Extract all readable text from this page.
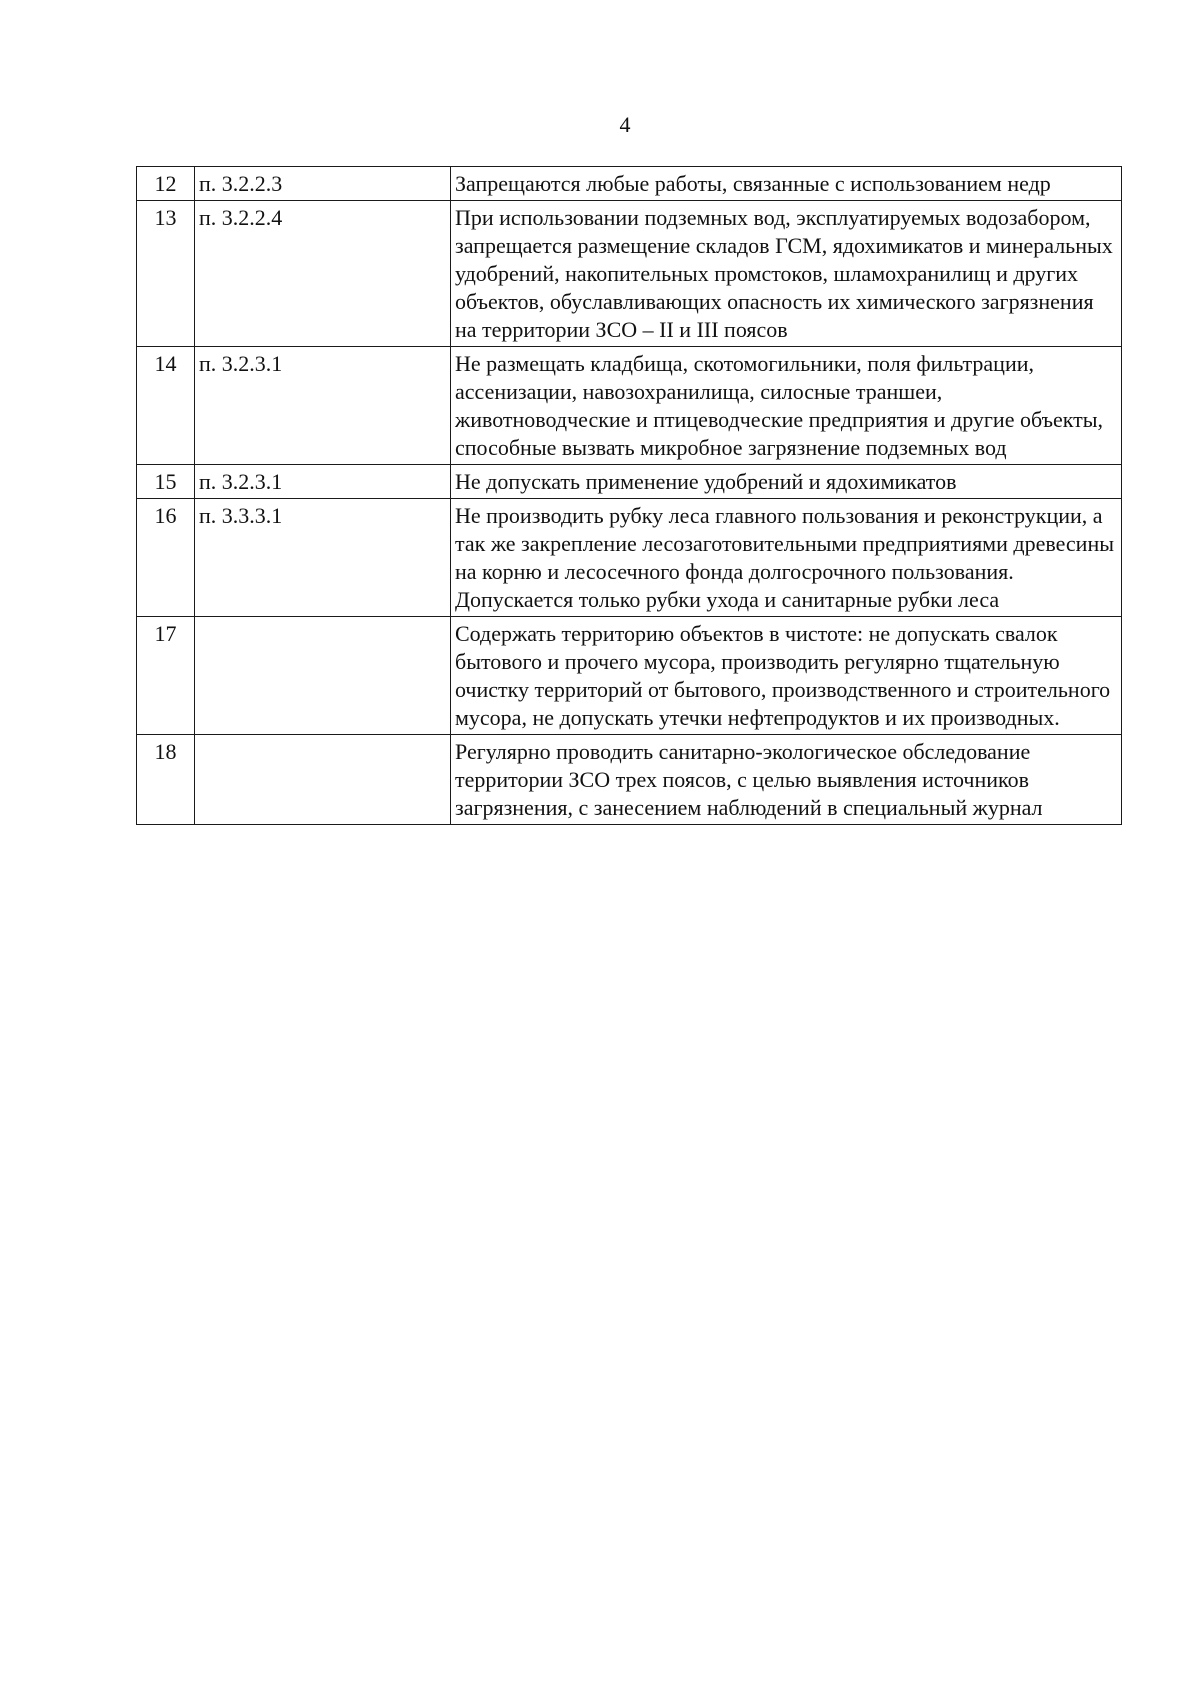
4
12	п. 3.2.2.3	Запрещаются любые работы, связанные с использованием недр
13	п. 3.2.2.4	При использовании подземных вод, эксплуатируемых водозабором, запрещается размещение складов ГСМ, ядохимикатов и минеральных удобрений, накопительных промстоков, шламохранилищ и других объектов, обуславливающих опасность их химического загрязнения на территории ЗСО – II и III поясов
14	п. 3.2.3.1	Не размещать кладбища, скотомогильники, поля фильтрации, ассенизации, навозохранилища, силосные траншеи, животноводческие и птицеводческие предприятия и другие объекты, способные вызвать микробное загрязнение подземных вод
15	п. 3.2.3.1	Не допускать применение удобрений и ядохимикатов
16	п. 3.3.3.1	Не производить рубку леса главного пользования и реконструкции, а так же закрепление лесозаготовительными предприятиями древесины на корню и лесосечного фонда долгосрочного пользования. Допускается только рубки ухода и санитарные рубки леса
17		Содержать территорию объектов в чистоте: не допускать свалок бытового и прочего мусора, производить регулярно тщательную очистку территорий от бытового, производственного и строительного мусора, не допускать утечки нефтепродуктов и их производных.
18		Регулярно проводить санитарно-экологическое обследование территории ЗСО трех поясов, с целью выявления источников загрязнения, с занесением наблюдений в специальный журнал
